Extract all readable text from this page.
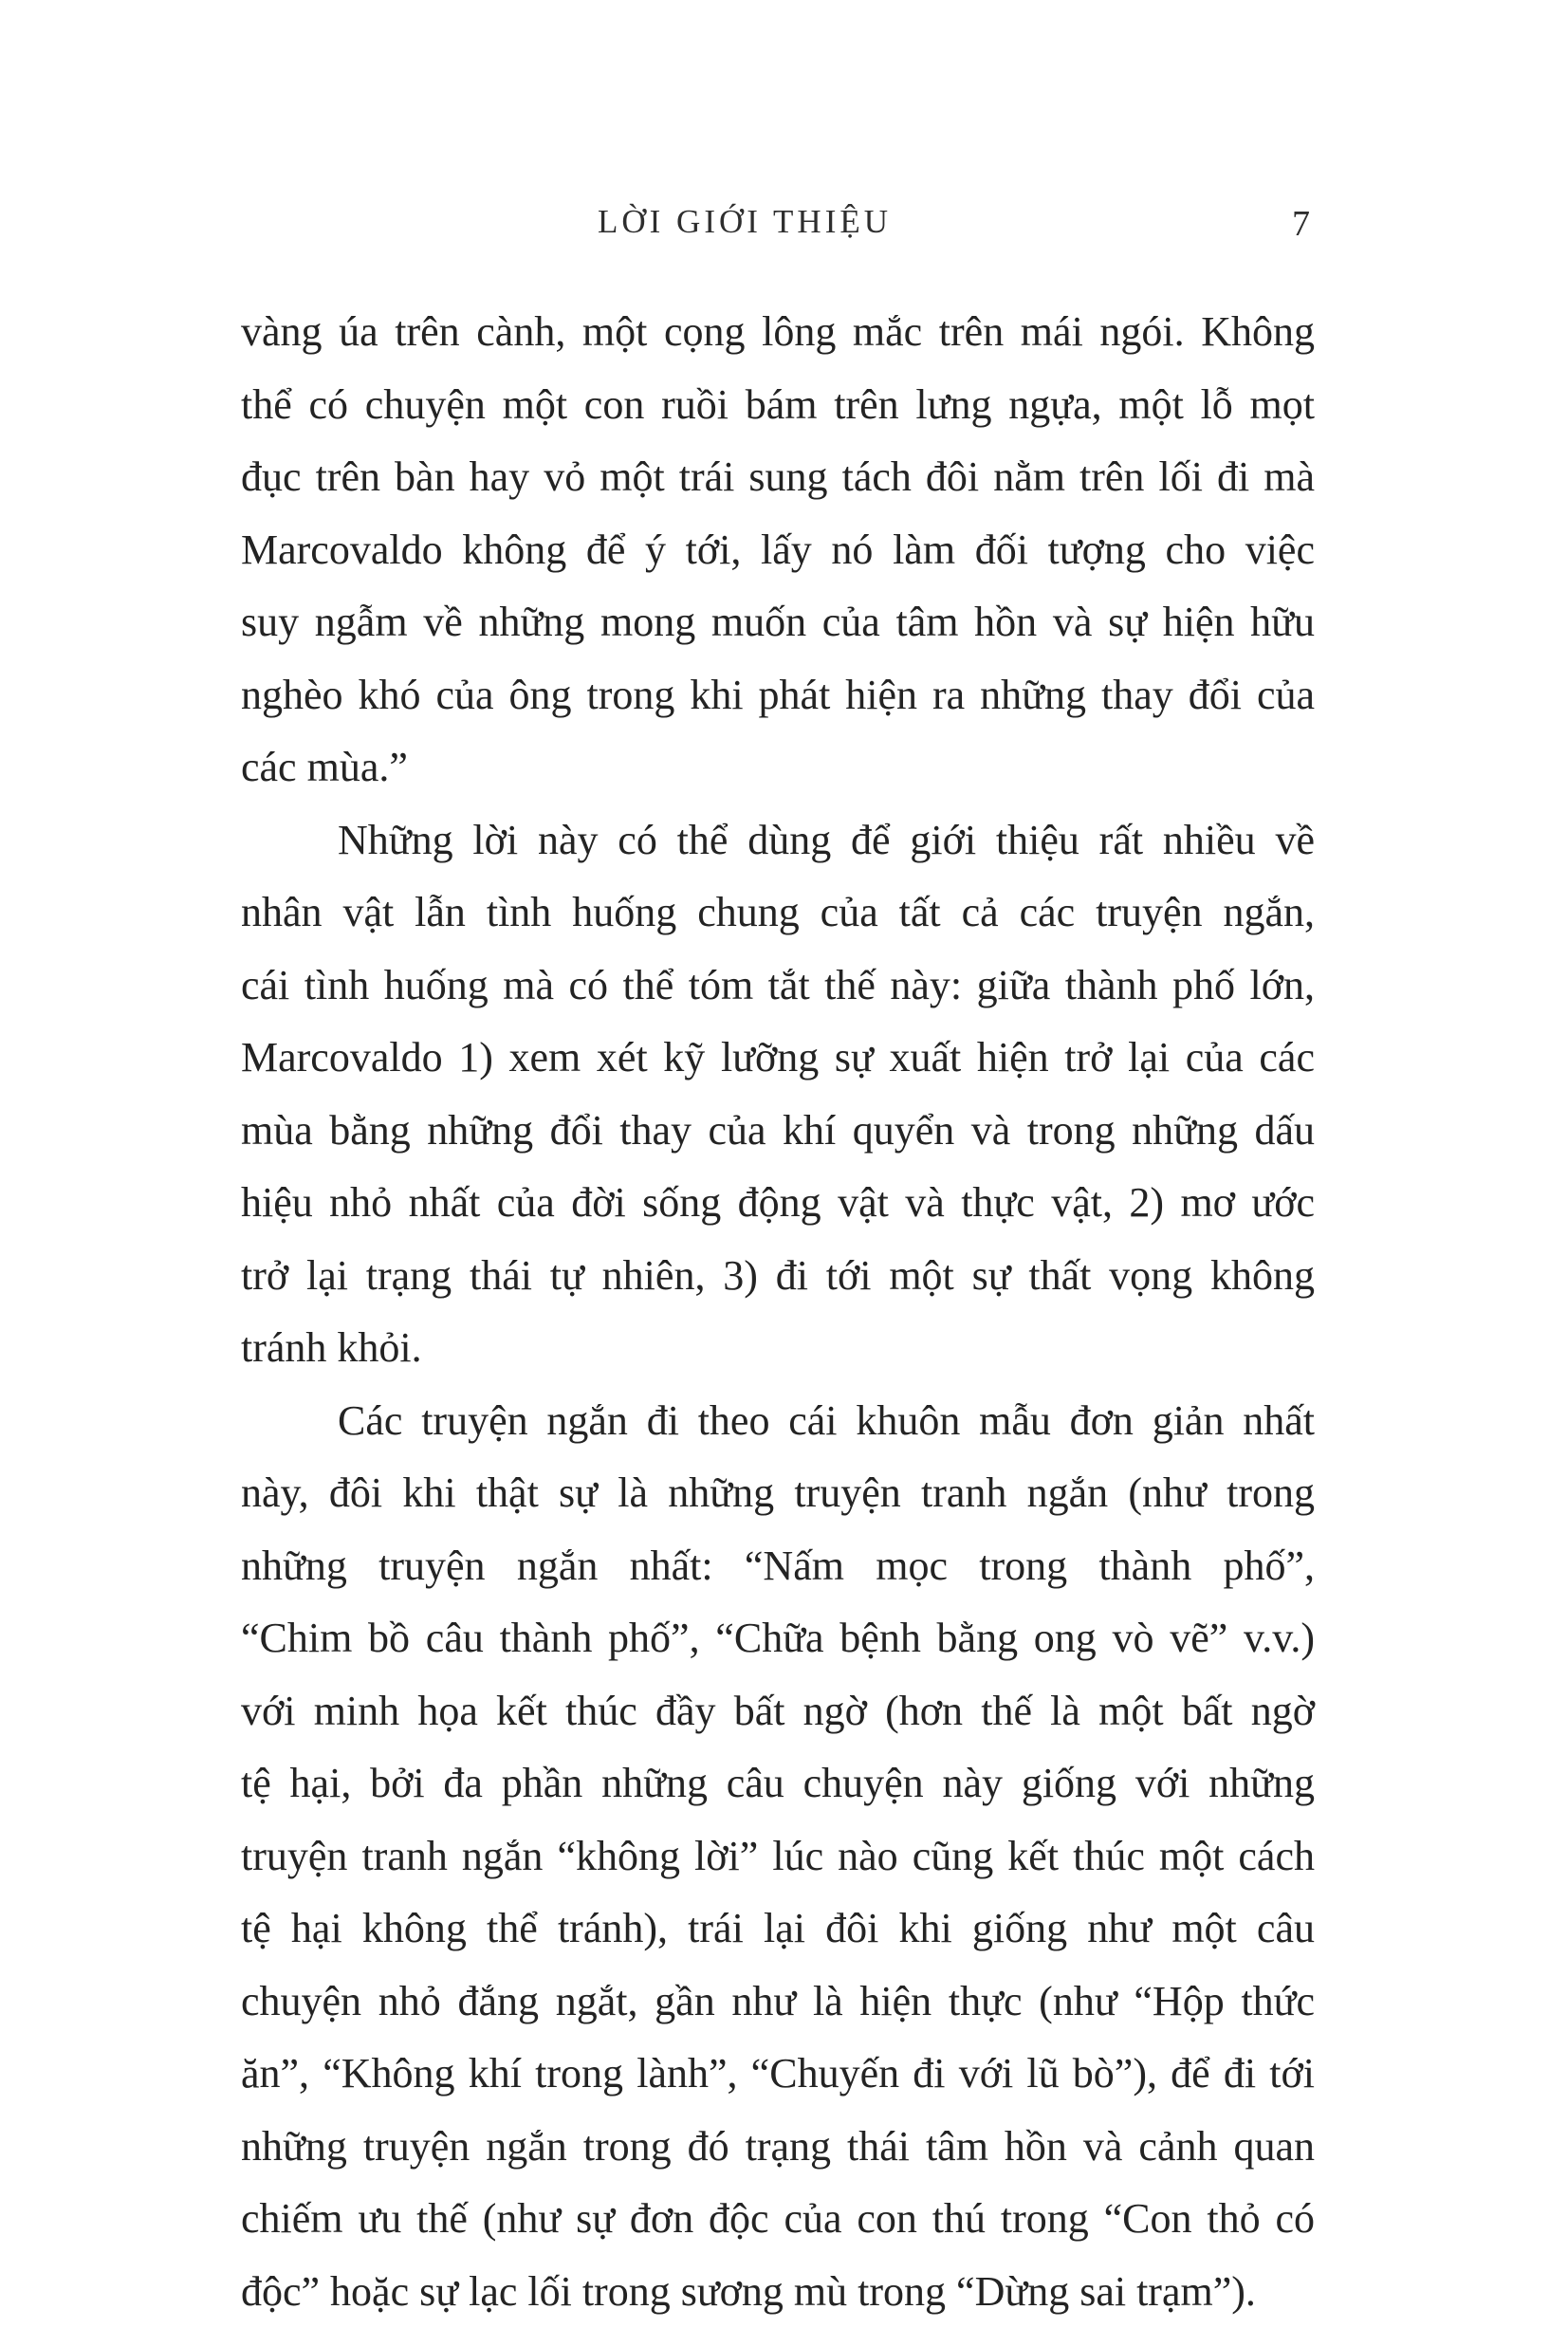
LỜI GIỚI THIỆU	7
vàng úa trên cành, một cọng lông mắc trên mái ngói. Không
thể có chuyện một con ruồi bám trên lưng ngựa, một lỗ mọt
đục trên bàn hay vỏ một trái sung tách đôi nằm trên lối đi mà
Marcovaldo không để ý tới, lấy nó làm đối tượng cho việc
suy ngẫm về những mong muốn của tâm hồn và sự hiện hữu
nghèo khó của ông trong khi phát hiện ra những thay đổi của
các mùa.”
Những lời này có thể dùng để giới thiệu rất nhiều về
nhân vật lẫn tình huống chung của tất cả các truyện ngắn,
cái tình huống mà có thể tóm tắt thế này: giữa thành phố lớn,
Marcovaldo 1) xem xét kỹ lưỡng sự xuất hiện trở lại của các
mùa bằng những đổi thay của khí quyển và trong những dấu
hiệu nhỏ nhất của đời sống động vật và thực vật, 2) mơ ước
trở lại trạng thái tự nhiên, 3) đi tới một sự thất vọng không
tránh khỏi.
Các truyện ngắn đi theo cái khuôn mẫu đơn giản nhất
này, đôi khi thật sự là những truyện tranh ngắn (như trong
những truyện ngắn nhất: “Nấm mọc trong thành phố”,
“Chim bồ câu thành phố”, “Chữa bệnh bằng ong vò vẽ” v.v.)
với minh họa kết thúc đầy bất ngờ (hơn thế là một bất ngờ
tệ hại, bởi đa phần những câu chuyện này giống với những
truyện tranh ngắn “không lời” lúc nào cũng kết thúc một cách
tệ hại không thể tránh), trái lại đôi khi giống như một câu
chuyện nhỏ đắng ngắt, gần như là hiện thực (như “Hộp thức
ăn”, “Không khí trong lành”, “Chuyến đi với lũ bò”), để đi tới
những truyện ngắn trong đó trạng thái tâm hồn và cảnh quan
chiếm ưu thế (như sự đơn độc của con thú trong “Con thỏ có
độc” hoặc sự lạc lối trong sương mù trong “Dừng sai trạm”).
